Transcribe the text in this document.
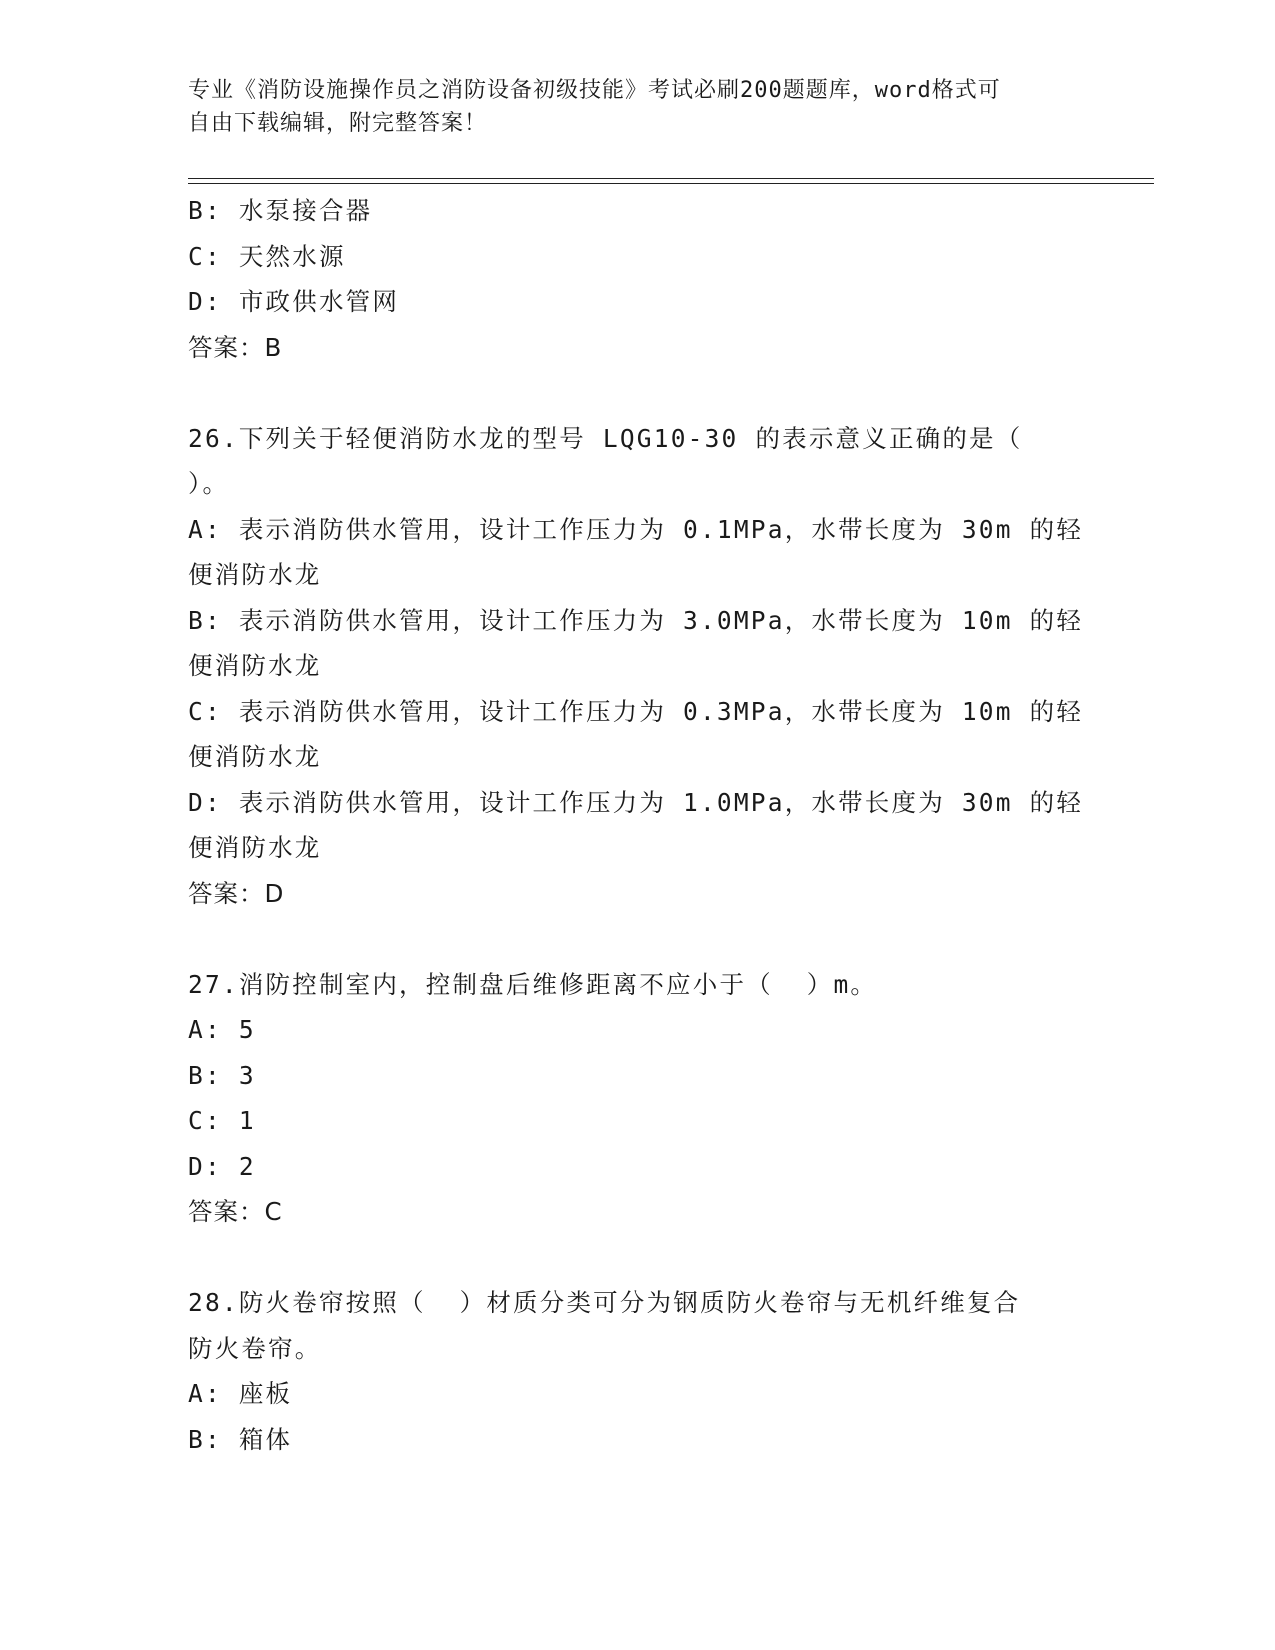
专业《消防设施操作员之消防设备初级技能》考试必刷200题题库，word格式可
自由下载编辑，附完整答案！
B: 水泵接合器
C: 天然水源
D: 市政供水管网
答案：B
26.下列关于轻便消防水龙的型号 LQG10-30 的表示意义正确的是（
）。
A: 表示消防供水管用，设计工作压力为 0.1MPa，水带长度为 30m 的轻
便消防水龙
B: 表示消防供水管用，设计工作压力为 3.0MPa，水带长度为 10m 的轻
便消防水龙
C: 表示消防供水管用，设计工作压力为 0.3MPa，水带长度为 10m 的轻
便消防水龙
D: 表示消防供水管用，设计工作压力为 1.0MPa，水带长度为 30m 的轻
便消防水龙
答案：D
27.消防控制室内，控制盘后维修距离不应小于（  ）m。
A: 5
B: 3
C: 1
D: 2
答案：C
28.防火卷帘按照（  ）材质分类可分为钢质防火卷帘与无机纤维复合
防火卷帘。
A: 座板
B: 箱体
